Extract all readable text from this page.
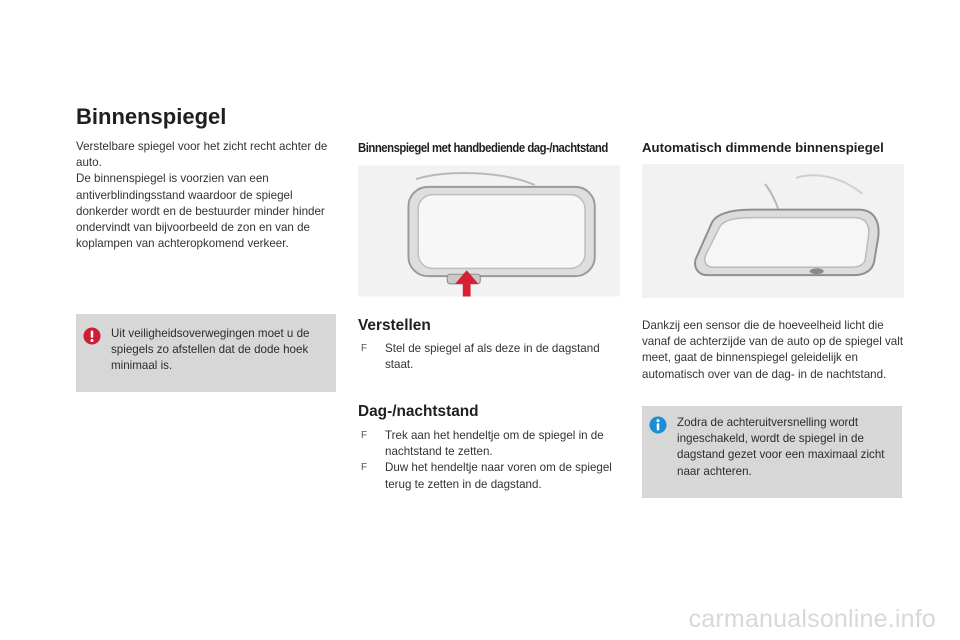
Binnenspiegel

Verstelbare spiegel voor het zicht recht achter de auto.

De binnenspiegel is voorzien van een antiverblindingsstand waardoor de spiegel donkerder wordt en de bestuurder minder hinder ondervindt van bijvoorbeeld de zon en van de koplampen van achteropkomend verkeer.

Uit veiligheidsoverwegingen moet u de spiegels zo afstellen dat de dode hoek minimaal is.
Binnenspiegel met handbediende dag-/nachtstand
Verstellen
F Stel de spiegel af als deze in de dagstand staat.
Dag-/nachtstand
F Trek aan het hendeltje om de spiegel in de nachtstand te zetten.
F Duw het hendeltje naar voren om de spiegel terug te zetten in de dagstand.
Automatisch dimmende binnenspiegel

Dankzij een sensor die de hoeveelheid licht die vanaf de achterzijde van de auto op de spiegel valt meet, gaat de binnenspiegel geleidelijk en automatisch over van de dag- in de nachtstand.

Zodra de achteruitversnelling wordt ingeschakeld, wordt de spiegel in de dagstand gezet voor een maximaal zicht naar achteren.
carmanualsonline.info
